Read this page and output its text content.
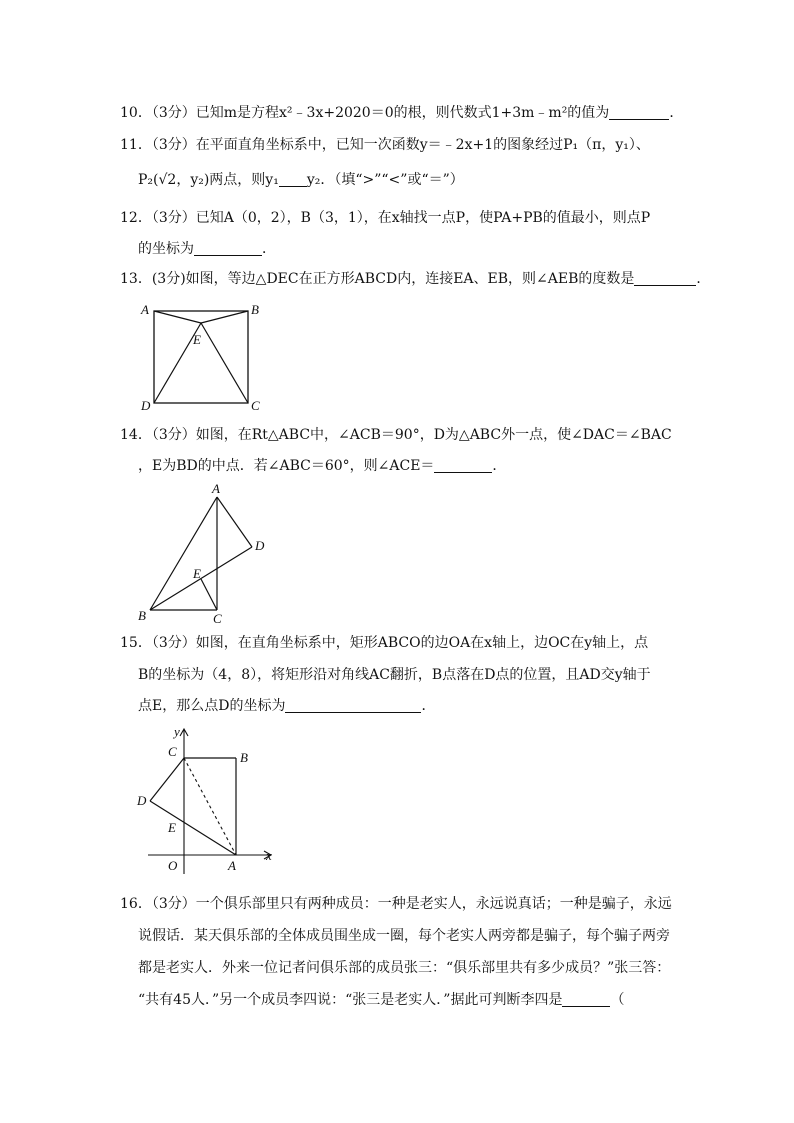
10．（3分）已知m是方程x²﹣3x+2020＝0的根，则代数式1+3m﹣m²的值为	．
11．（3分）在平面直角坐标系中，已知一次函数y＝﹣2x+1的图象经过P₁（π，y₁）、
P₂(√2，y₂)两点，则y₁ y₂．（填“>”“<”或“＝”）
12．（3分）已知A（0，2），B（3，1），在x轴找一点P，使PA+PB的值最小，则点P
的坐标为	．
13．(3分)如图，等边△DEC在正方形ABCD内，连接EA、EB，则∠AEB的度数是	．
A	B
E
D	C
14．（3分）如图，在Rt△ABC中，∠ACB＝90°，D为△ABC外一点，使∠DAC＝∠BAC
，E为BD的中点．若∠ABC＝60°，则∠ACE＝	．
A
D
E
B	C
15．（3分）如图，在直角坐标系中，矩形ABCO的边OA在x轴上，边OC在y轴上，点
B的坐标为（4，8），将矩形沿对角线AC翻折，B点落在D点的位置，且AD交y轴于
点E，那么点D的坐标为	．
y
C	B
D
E
O	A
x
16．（3分）一个俱乐部里只有两种成员：一种是老实人，永远说真话；一种是骗子，永远
说假话．某天俱乐部的全体成员围坐成一圈，每个老实人两旁都是骗子，每个骗子两旁
都是老实人．外来一位记者问俱乐部的成员张三：“俱乐部里共有多少成员？”张三答：
“共有45人．”另一个成员李四说：“张三是老实人．”据此可判断李四是	（
